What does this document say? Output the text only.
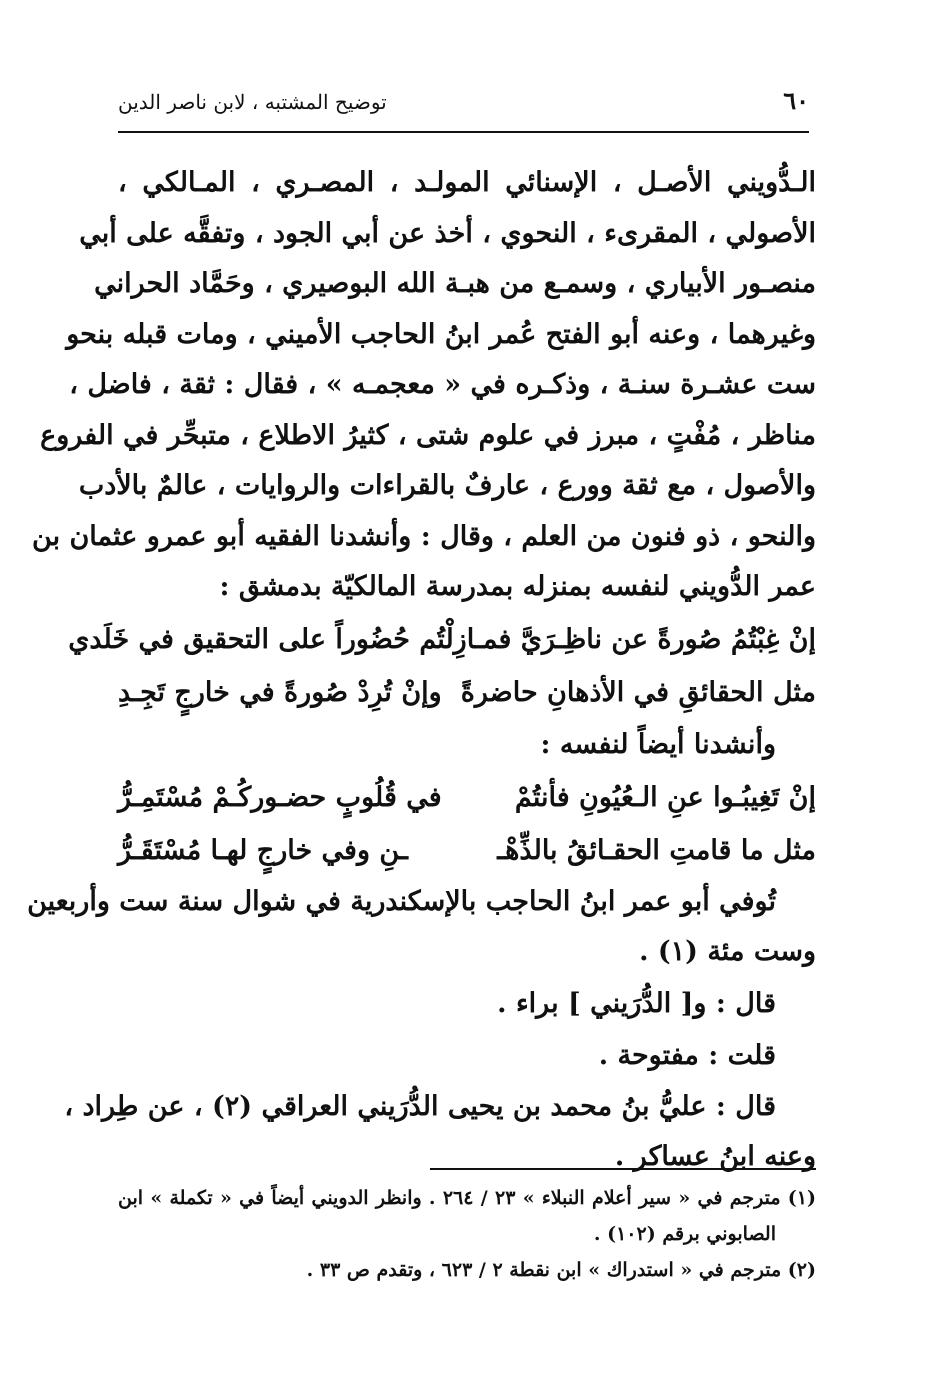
٦٠
توضيح المشتبه ، لابن ناصر الدين
الـدُّويني الأصـل ، الإسنائي المولـد ، المصـري ، المـالكي ،
الأصولي ، المقرىء ، النحوي ، أخذ عن أبي الجود ، وتفقَّه على أبي
منصـور الأبياري ، وسمـع من هبـة الله البوصيري ، وحَمَّاد الحراني
وغيرهما ، وعنه أبو الفتح عُمر ابنُ الحاجب الأميني ، ومات قبله بنحو
ست عشـرة سنـة ، وذكـره في « معجمـه » ، فقال : ثقة ، فاضل ،
مناظر ، مُفْتٍ ، مبرز في علوم شتى ، كثيرُ الاطلاع ، متبحِّر في الفروع
والأصول ، مع ثقة وورع ، عارفٌ بالقراءات والروايات ، عالمٌ بالأدب
والنحو ، ذو فنون من العلم ، وقال : وأنشدنا الفقيه أبو عمرو عثمان بن
عمر الدُّويني لنفسه بمنزله بمدرسة المالكيّة بدمشق :
إنْ غِبْتُمُ صُورةً عن ناظِـرَيَّ فمـا
زِلْتُم حُضُوراً على التحقيق في خَلَدي
مثل الحقائقِ في الأذهانِ حاضرةً
وإنْ تُرِدْ صُورةً في خارجٍ تَجِـدِ
وأنشدنا أيضاً لنفسه :
إنْ تَغِيبُـوا عنِ الـعُيُونِ فأنتُمْ
في قُلُوبٍ حضـوركُـمْ مُسْتَمِـرُّ
مثل ما قامتِ الحقـائقُ بالذِّهْـ
ـنِ وفي خارجٍ لهـا مُسْتَقَـرُّ
تُوفي أبو عمر ابنُ الحاجب بالإسكندرية في شوال سنة ست وأربعين
وست مئة (١) .
قال : و[ الدُّرَيني ] براء .
قلت : مفتوحة .
قال : عليُّ بنُ محمد بن يحيى الدُّرَيني العراقي (٢) ، عن طِراد ،
وعنه ابنُ عساكر .
(١) مترجم في « سير أعلام النبلاء » ٢٣ / ٢٦٤ . وانظر الدويني أيضاً في « تكملة » ابن
الصابوني برقم (١٠٢) .
(٢) مترجم في « استدراك » ابن نقطة ٢ / ٦٢٣ ، وتقدم ص ٣٣ .
